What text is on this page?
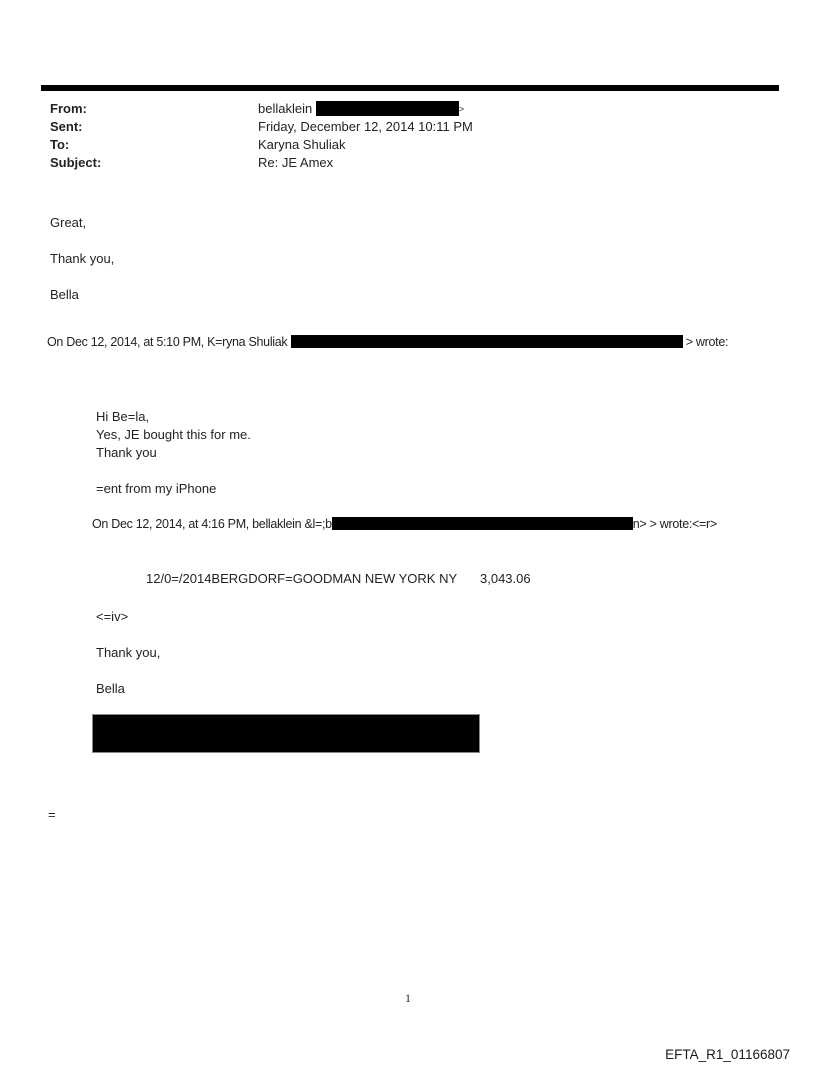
From:	bellaklein	>
Sent:	Friday, December 12, 2014 10:11 PM
To:	Karyna Shuliak
Subject:	Re: JE Amex
Great,
Thank you,
Bella
On Dec 12, 2014, at 5:10 PM, K=ryna Shuliak	> wrote:
Hi Be=la,
Yes, JE bought this for me.
Thank you
=ent from my iPhone
On Dec 12, 2014, at 4:16 PM, bellaklein &l=;b	n> > wrote:<=r>
12/0=/2014BERGDORF=GOODMAN NEW YORK NY 3,043.06
<=iv>
Thank you,
Bella
=
1
EFTA_R1_01166807
